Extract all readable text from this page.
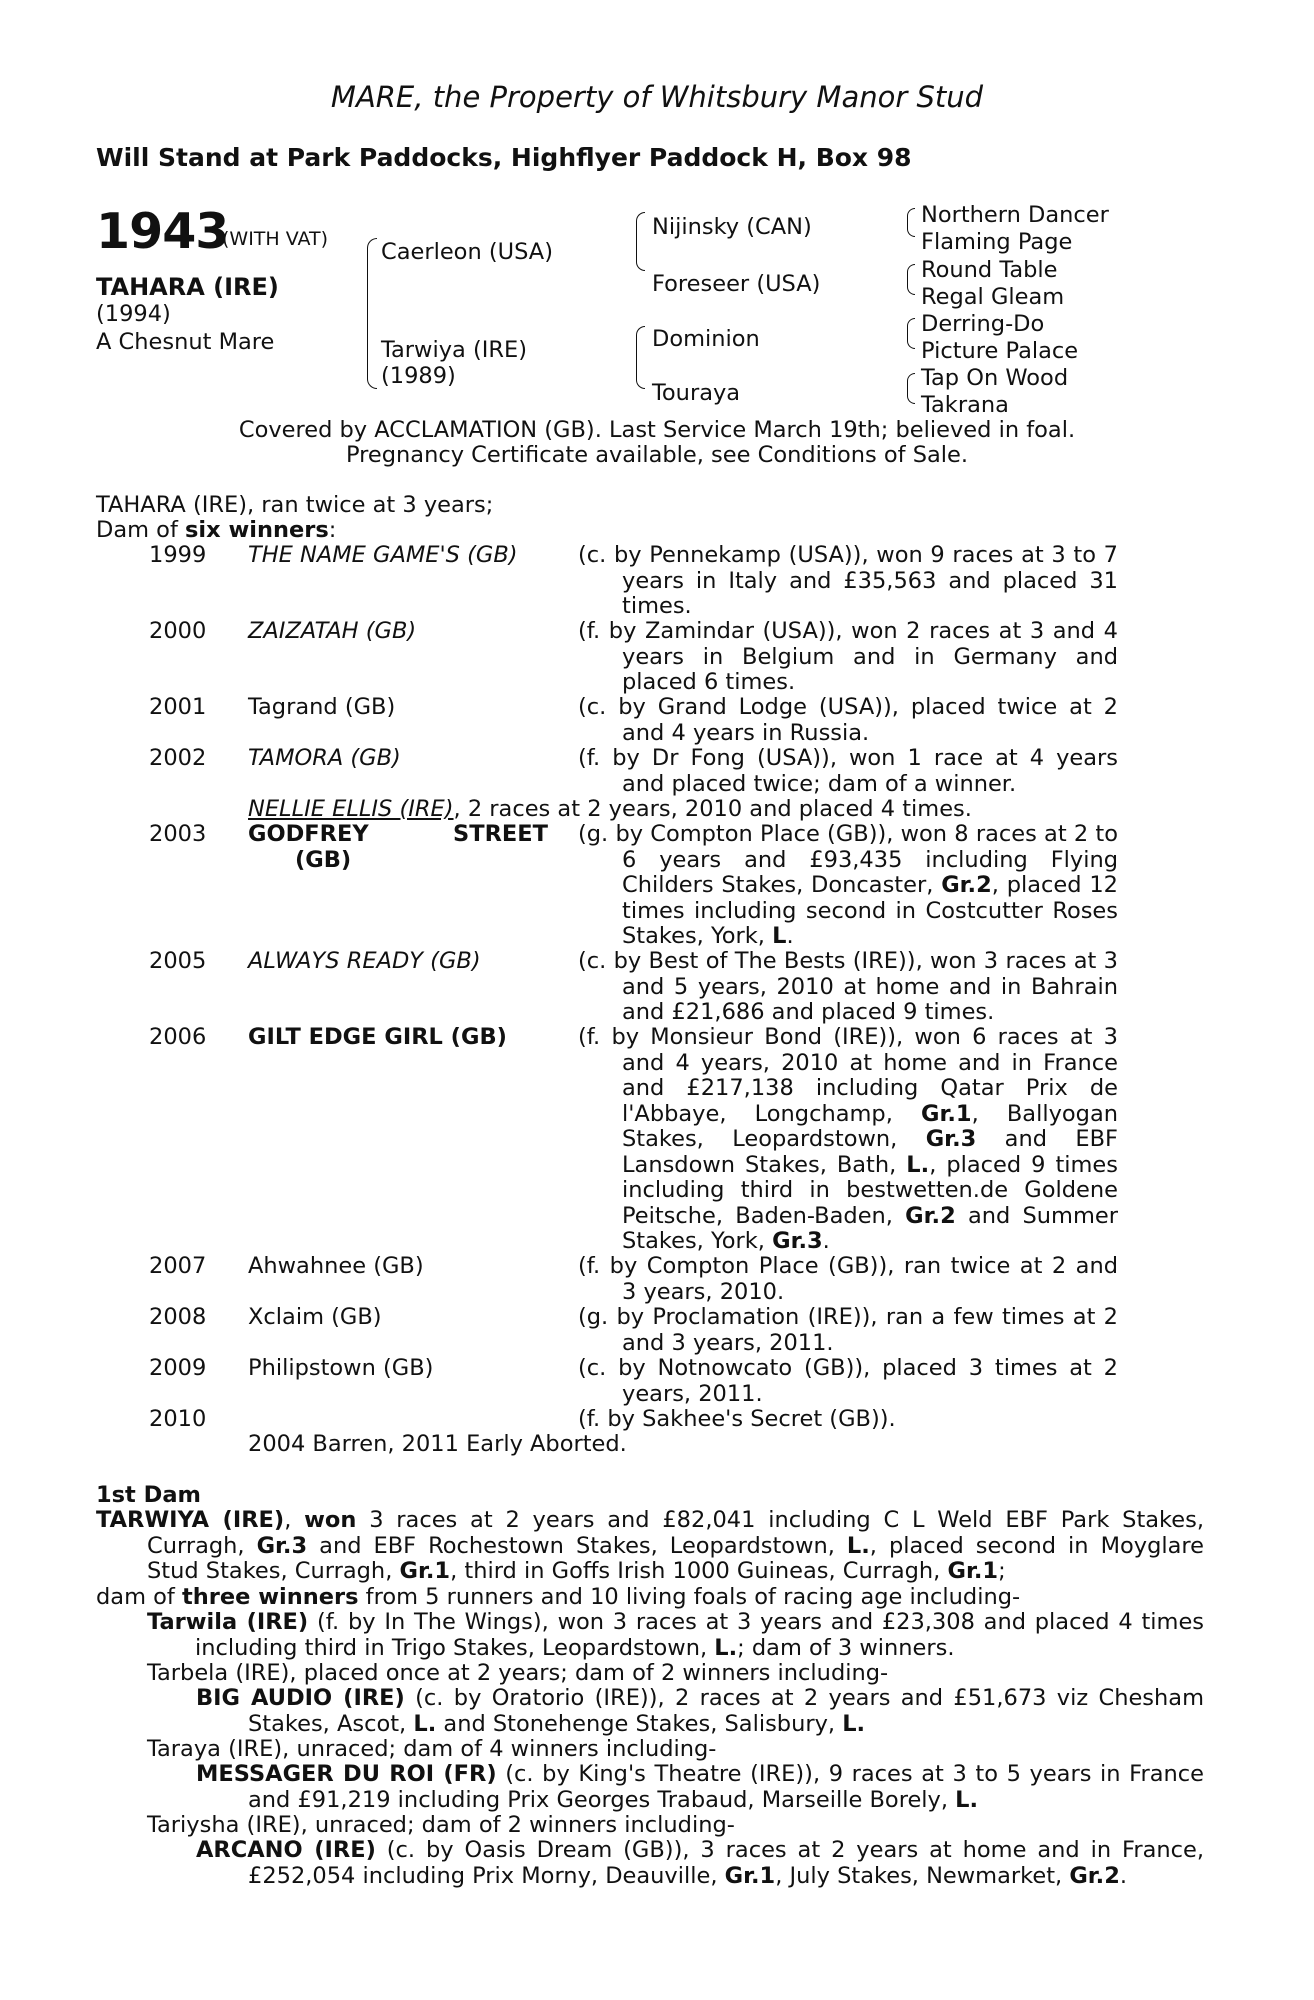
MARE, the Property of Whitsbury Manor Stud
Will Stand at Park Paddocks, Highflyer Paddock H, Box 98
1943
(WITH VAT)
TAHARA (IRE)
(1994)
A Chesnut Mare
Caerleon (USA)
Tarwiya (IRE)
(1989)
Nijinsky (CAN)
Foreseer (USA)
Dominion
Touraya
Northern Dancer
Flaming Page
Round Table
Regal Gleam
Derring-Do
Picture Palace
Tap On Wood
Takrana
Covered by ACCLAMATION (GB). Last Service March 19th; believed in foal.
Pregnancy Certificate available, see Conditions of Sale.
TAHARA (IRE), ran twice at 3 years;
Dam of six winners:
1999 THE NAME GAME'S (GB)	(c. by Pennekamp (USA)), won 9 races at 3 to 7 years in Italy and £35,563 and placed 31 times.
2000 ZAIZATAH (GB)	(f. by Zamindar (USA)), won 2 races at 3 and 4 years in Belgium and in Germany and placed 6 times.
2001 Tagrand (GB)	(c. by Grand Lodge (USA)), placed twice at 2 and 4 years in Russia.
2002 TAMORA (GB)	(f. by Dr Fong (USA)), won 1 race at 4 years and placed twice; dam of a winner.
NELLIE ELLIS (IRE), 2 races at 2 years, 2010 and placed 4 times.
2003 GODFREY STREET
(GB)
(g. by Compton Place (GB)), won 8 races at 2 to 6 years and £93,435 including Flying Childers Stakes, Doncaster, Gr.2, placed 12 times including second in Costcutter Roses Stakes, York, L.
2005 ALWAYS READY (GB)	(c. by Best of The Bests (IRE)), won 3 races at 3 and 5 years, 2010 at home and in Bahrain and £21,686 and placed 9 times.
2006 GILT EDGE GIRL (GB)	(f. by Monsieur Bond (IRE)), won 6 races at 3 and 4 years, 2010 at home and in France and £217,138 including Qatar Prix de l'Abbaye, Longchamp, Gr.1, Ballyogan Stakes, Leopardstown, Gr.3 and EBF Lansdown Stakes, Bath, L., placed 9 times including third in bestwetten.de Goldene Peitsche, Baden-Baden, Gr.2 and Summer Stakes, York, Gr.3.
2007 Ahwahnee (GB)	(f. by Compton Place (GB)), ran twice at 2 and 3 years, 2010.
2008 Xclaim (GB)	(g. by Proclamation (IRE)), ran a few times at 2 and 3 years, 2011.
2009 Philipstown (GB)	(c. by Notnowcato (GB)), placed 3 times at 2 years, 2011.
2010	(f. by Sakhee's Secret (GB)).
2004 Barren, 2011 Early Aborted.
1st Dam
TARWIYA (IRE), won 3 races at 2 years and £82,041 including C L Weld EBF Park Stakes, Curragh, Gr.3 and EBF Rochestown Stakes, Leopardstown, L., placed second in Moyglare Stud Stakes, Curragh, Gr.1, third in Goffs Irish 1000 Guineas, Curragh, Gr.1;
dam of three winners from 5 runners and 10 living foals of racing age including-
Tarwila (IRE) (f. by In The Wings), won 3 races at 3 years and £23,308 and placed 4 times including third in Trigo Stakes, Leopardstown, L.; dam of 3 winners.
Tarbela (IRE), placed once at 2 years; dam of 2 winners including-
BIG AUDIO (IRE) (c. by Oratorio (IRE)), 2 races at 2 years and £51,673 viz Chesham Stakes, Ascot, L. and Stonehenge Stakes, Salisbury, L.
Taraya (IRE), unraced; dam of 4 winners including-
MESSAGER DU ROI (FR) (c. by King's Theatre (IRE)), 9 races at 3 to 5 years in France and £91,219 including Prix Georges Trabaud, Marseille Borely, L.
Tariysha (IRE), unraced; dam of 2 winners including-
ARCANO (IRE) (c. by Oasis Dream (GB)), 3 races at 2 years at home and in France, £252,054 including Prix Morny, Deauville, Gr.1, July Stakes, Newmarket, Gr.2.
